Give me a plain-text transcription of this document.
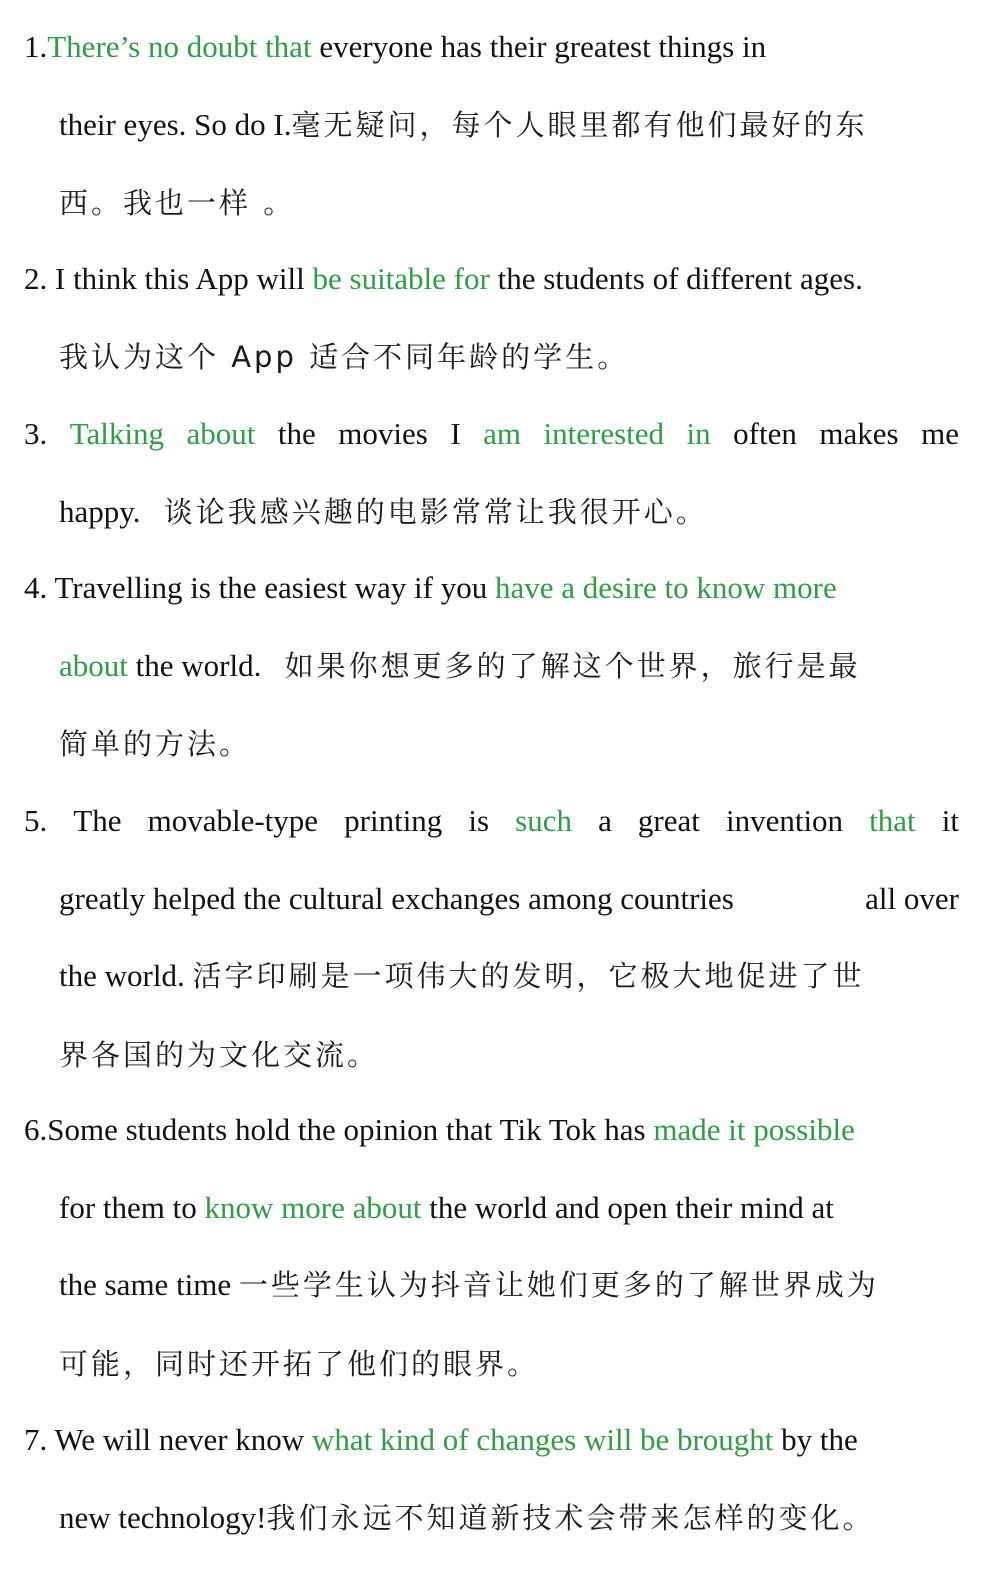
1.There’s no doubt that everyone has their greatest things in
their eyes. So do I.毫无疑问，每个人眼里都有他们最好的东
西。我也一样 。
2. I think this App will be suitable for the students of different ages.
我认为这个 App 适合不同年龄的学生。
3. Talking about the movies I am interested in often makes me
happy. 谈论我感兴趣的电影常常让我很开心。
4. Travelling is the easiest way if you have a desire to know more
about the world. 如果你想更多的了解这个世界，旅行是最
简单的方法。
5. The movable-type printing is such a great invention that it
greatly helped the cultural exchanges among countries	all over
the world. 活字印刷是一项伟大的发明，它极大地促进了世
界各国的为文化交流。
6.Some students hold the opinion that Tik Tok has made it possible
for them to know more about the world and open their mind at
the same time 一些学生认为抖音让她们更多的了解世界成为
可能，同时还开拓了他们的眼界。
7. We will never know what kind of changes will be brought by the
new technology!我们永远不知道新技术会带来怎样的变化。
